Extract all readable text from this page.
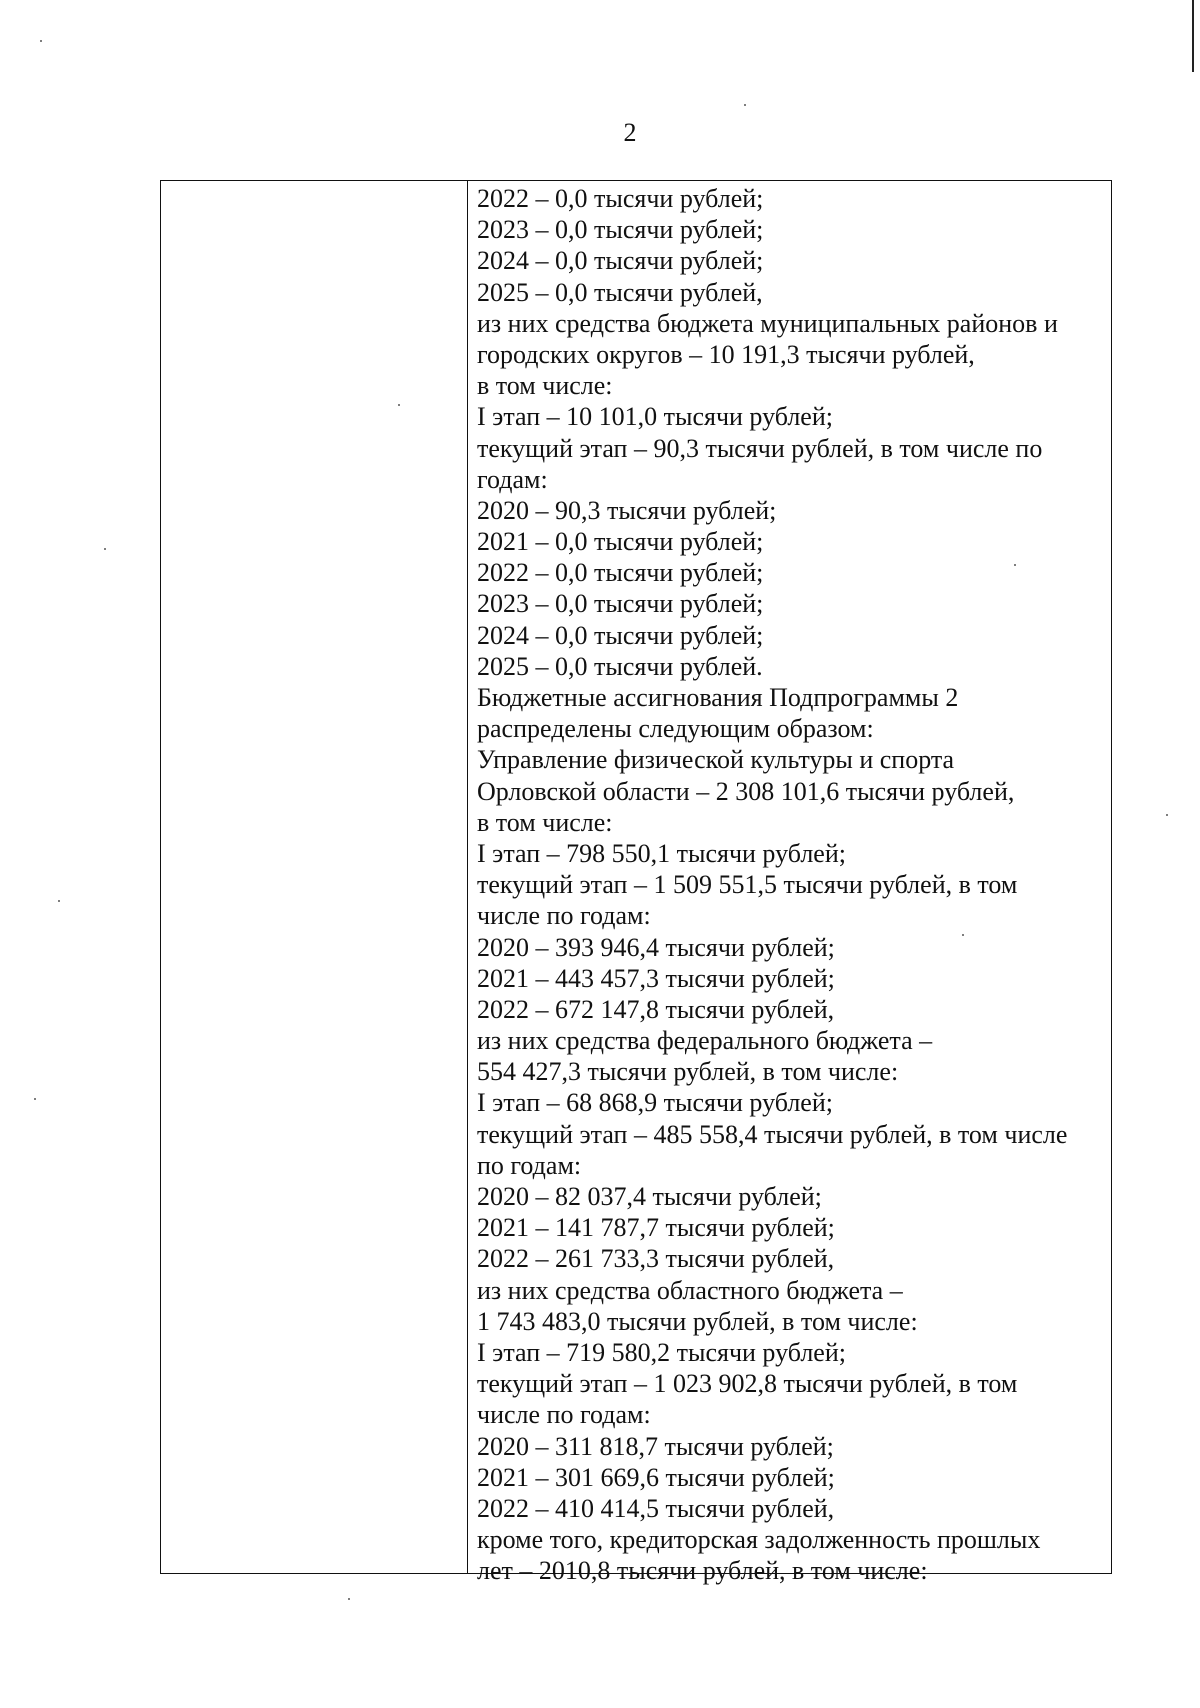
2
2022 – 0,0 тысячи рублей;
2023 – 0,0 тысячи рублей;
2024 – 0,0 тысячи рублей;
2025 – 0,0 тысячи рублей,
из них средства бюджета муниципальных районов и
городских округов – 10 191,3 тысячи рублей,
в том числе:
I этап – 10 101,0 тысячи рублей;
текущий этап – 90,3 тысячи рублей, в том числе по
годам:
2020 – 90,3 тысячи рублей;
2021 – 0,0 тысячи рублей;
2022 – 0,0 тысячи рублей;
2023 – 0,0 тысячи рублей;
2024 – 0,0 тысячи рублей;
2025 – 0,0 тысячи рублей.
Бюджетные ассигнования Подпрограммы 2
распределены следующим образом:
Управление физической культуры и спорта
Орловской области – 2 308 101,6 тысячи рублей,
в том числе:
I этап – 798 550,1 тысячи рублей;
текущий этап – 1 509 551,5 тысячи рублей, в том
числе по годам:
2020 – 393 946,4 тысячи рублей;
2021 – 443 457,3 тысячи рублей;
2022 – 672 147,8 тысячи рублей,
из них средства федерального бюджета –
554 427,3 тысячи рублей, в том числе:
I этап – 68 868,9 тысячи рублей;
текущий этап – 485 558,4 тысячи рублей, в том числе
по годам:
2020 – 82 037,4 тысячи рублей;
2021 – 141 787,7 тысячи рублей;
2022 – 261 733,3 тысячи рублей,
из них средства областного бюджета –
1 743 483,0 тысячи рублей, в том числе:
I этап – 719 580,2 тысячи рублей;
текущий этап – 1 023 902,8 тысячи рублей, в том
числе по годам:
2020 – 311 818,7 тысячи рублей;
2021 – 301 669,6 тысячи рублей;
2022 – 410 414,5 тысячи рублей,
кроме того, кредиторская задолженность прошлых
лет – 2010,8 тысячи рублей, в том числе:
